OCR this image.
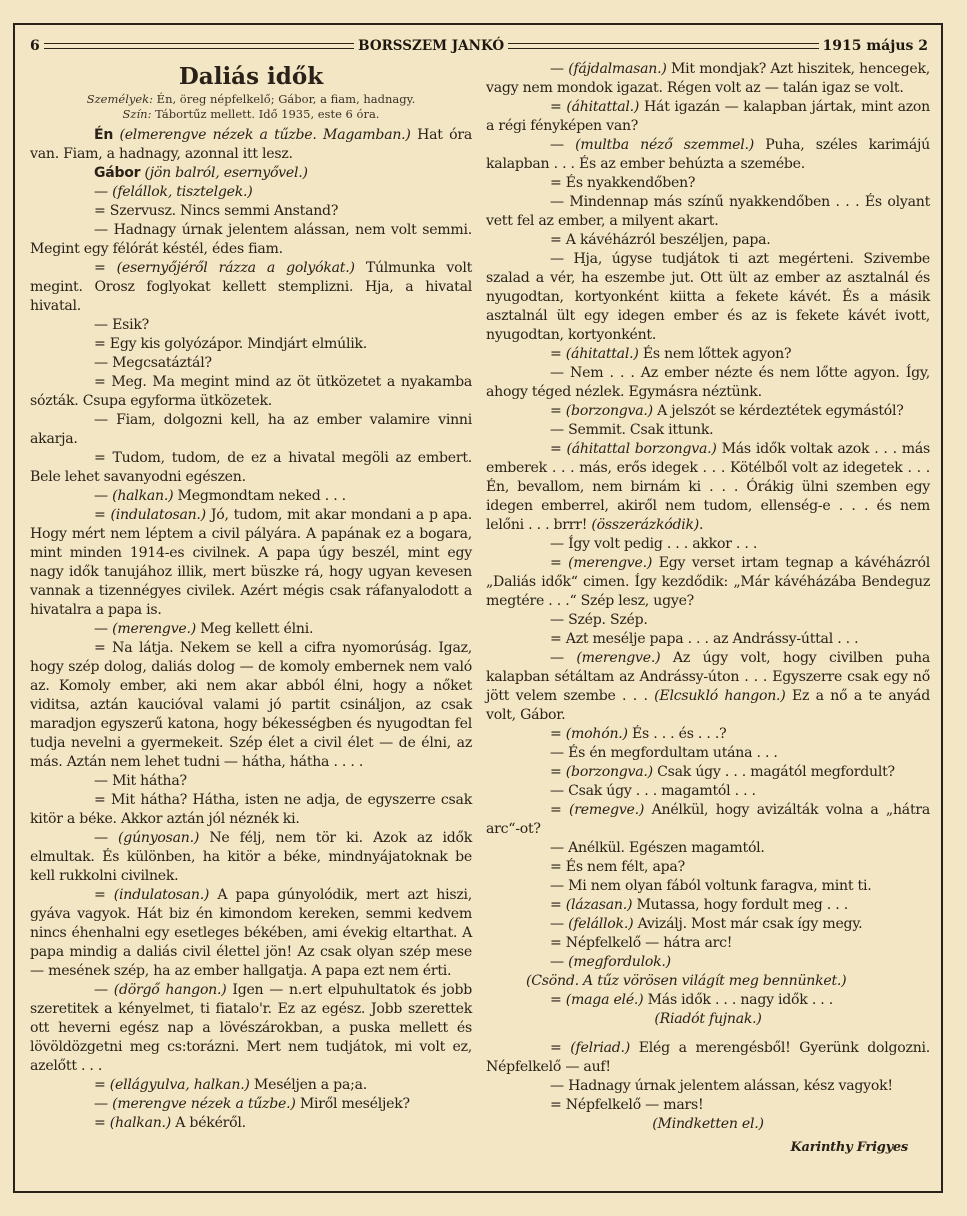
6	BORSSZEM JANKÓ	1915 május 2
Daliás idők
Személyek: Én, öreg népfelkelő; Gábor, a fiam, hadnagy.
Szín: Tábortűz mellett. Idő 1935, este 6 óra.

Én (elmerengve nézek a tűzbe. Magamban.) Hat óra van. Fiam, a hadnagy, azonnal itt lesz.

Gábor (jön balról, esernyővel.)

— (felállok, tisztelgek.)

= Szervusz. Nincs semmi Anstand?

— Hadnagy úrnak jelentem alássan, nem volt semmi. Megint egy félórát késtél, édes fiam.

= (esernyőjéről rázza a golyókat.) Túlmunka volt megint. Orosz foglyokat kellett stemplizni. Hja, a hivatal hivatal.

— Esik?

= Egy kis golyózápor. Mindjárt elmúlik.

— Megcsatáztál?

= Meg. Ma megint mind az öt ütközetet a nyakamba sózták. Csupa egyforma ütközetek.

— Fiam, dolgozni kell, ha az ember valamire vinni akarja.

= Tudom, tudom, de ez a hivatal megöli az embert. Bele lehet savanyodni egészen.

— (halkan.) Megmondtam neked . . .

= (indulatosan.) Jó, tudom, mit akar mondani a p apa. Hogy mért nem léptem a civil pályára. A papának ez a bogara, mint minden 1914-es civilnek. A papa úgy beszél, mint egy nagy idők tanujához illik, mert büszke rá, hogy ugyan kevesen vannak a tizennégyes civilek. Azért mégis csak ráfanyalodott a hivatalra a papa is.

— (merengve.) Meg kellett élni.

= Na látja. Nekem se kell a cifra nyomorúság. Igaz, hogy szép dolog, daliás dolog — de komoly embernek nem való az. Komoly ember, aki nem akar abból élni, hogy a nőket viditsa, aztán kaucióval valami jó partit csináljon, az csak maradjon egyszerű katona, hogy békességben és nyugodtan fel tudja nevelni a gyermekeit. Szép élet a civil élet — de élni, az más. Aztán nem lehet tudni — hátha, hátha . . . .

— Mit hátha?

= Mit hátha? Hátha, isten ne adja, de egyszerre csak kitör a béke. Akkor aztán jól néznék ki.

— (gúnyosan.) Ne félj, nem tör ki. Azok az idők elmultak. És különben, ha kitör a béke, mindnyájatoknak be kell rukkolni civilnek.

= (indulatosan.) A papa gúnyolódik, mert azt hiszi, gyáva vagyok. Hát biz én kimondom kereken, semmi kedvem nincs éhenhalni egy esetleges békében, ami évekig eltarthat. A papa mindig a daliás civil élettel jön! Az csak olyan szép mese — mesének szép, ha az ember hallgatja. A papa ezt nem érti.

— (dörgő hangon.) Igen — n.ert elpuhultatok és jobb szeretitek a kényelmet, ti fiatalo'r. Ez az egész. Jobb szerettek ott heverni egész nap a lövészárokban, a puska mellett és lövöldözgetni meg cs:torázni. Mert nem tudjátok, mi volt ez, azelőtt . . .

= (ellágyulva, halkan.) Meséljen a pa;a.

— (merengve nézek a tűzbe.) Miről meséljek?

= (halkan.) A békéről.

— (fájdalmasan.) Mit mondjak? Azt hiszitek, hencegek, vagy nem mondok igazat. Régen volt az — talán igaz se volt.

= (áhitattal.) Hát igazán — kalapban jártak, mint azon a régi fényképen van?

— (multba néző szemmel.) Puha, széles karimájú kalapban . . . És az ember behúzta a szemébe.

= És nyakkendőben?

— Mindennap más színű nyakkendőben . . . És olyant vett fel az ember, a milyent akart.

= A kávéházról beszéljen, papa.

— Hja, úgyse tudjátok ti azt megérteni. Szivembe szalad a vér, ha eszembe jut. Ott ült az ember az asztalnál és nyugodtan, kortyonként kiitta a fekete kávét. És a másik asztalnál ült egy idegen ember és az is fekete kávét ivott, nyugodtan, kortyonként.

= (áhitattal.) És nem lőttek agyon?

— Nem . . . Az ember nézte és nem lőtte agyon. Így, ahogy téged nézlek. Egymásra néztünk.

= (borzongva.) A jelszót se kérdeztétek egymástól?

— Semmit. Csak ittunk.

= (áhitattal borzongva.) Más idők voltak azok . . . más emberek . . . más, erős idegek . . . Kötélből volt az idegetek . . . Én, bevallom, nem birnám ki . . . Órákig ülni szemben egy idegen emberrel, akiről nem tudom, ellenség-e . . . és nem lelőni . . . brrr! (összerázkódik).

— Így volt pedig . . . akkor . . .

= (merengve.) Egy verset irtam tegnap a kávéházról „Daliás idők“ cimen. Így kezdődik: „Már kávéházába Bendeguz megtére . . .“ Szép lesz, ugye?

— Szép. Szép.

= Azt mesélje papa . . . az Andrássy-úttal . . .

— (merengve.) Az úgy volt, hogy civilben puha kalapban sétáltam az Andrássy-úton . . . Egyszerre csak egy nő jött velem szembe . . . (Elcsukló hangon.) Ez a nő a te anyád volt, Gábor.

= (mohón.) És . . . és . . .?

— És én megfordultam utána . . .

= (borzongva.) Csak úgy . . . magától megfordult?

— Csak úgy . . . magamtól . . .

= (remegve.) Anélkül, hogy avizálták volna a „hátra arc“-ot?

— Anélkül. Egészen magamtól.

= És nem félt, apa?

— Mi nem olyan fából voltunk faragva, mint ti.

= (lázasan.) Mutassa, hogy fordult meg . . .

— (felállok.) Avizálj. Most már csak így megy.

= Népfelkelő — hátra arc!

— (megfordulok.)

(Csönd. A tűz vörösen világít meg bennünket.)

= (maga elé.) Más idők . . . nagy idők . . .

(Riadót fujnak.)

= (felriad.) Elég a merengésből! Gyerünk dolgozni. Népfelkelő — auf!

— Hadnagy úrnak jelentem alássan, kész vagyok!

= Népfelkelő — mars!

(Mindketten el.)

Karinthy Frigyes
